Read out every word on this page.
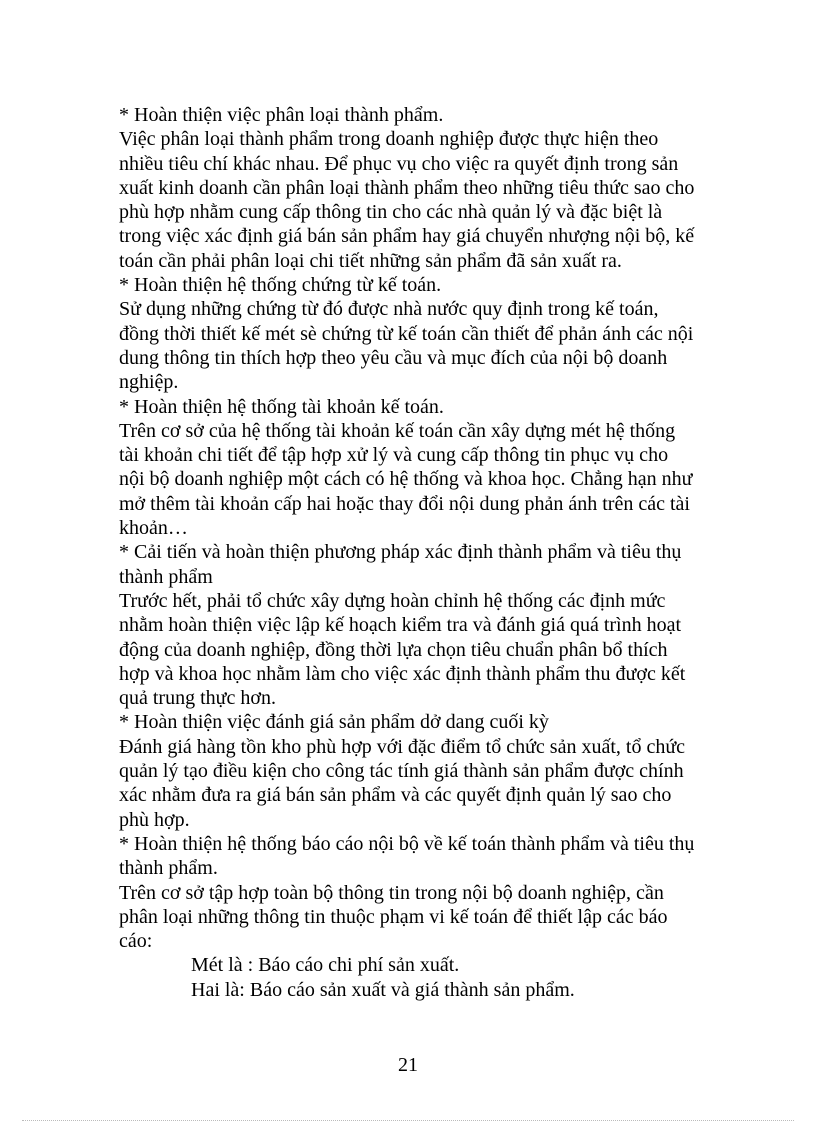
* Hoàn thiện việc phân loại thành phẩm.
Việc phân loại thành phẩm trong doanh nghiệp được thực hiện theo
nhiều tiêu chí khác nhau. Để phục vụ cho việc ra quyết định trong sản
xuất kinh doanh cần phân loại thành phẩm theo những tiêu thức sao cho
phù hợp nhằm cung cấp thông tin cho các nhà quản lý và đặc biệt là
trong việc xác định giá bán sản phẩm hay giá chuyển nhượng nội bộ, kế
toán cần phải phân loại chi tiết những sản phẩm đã sản xuất ra.
* Hoàn thiện hệ thống chứng từ kế toán.
Sử dụng những chứng từ đó được nhà nước quy định trong kế toán,
đồng thời thiết kế mét sè chứng từ kế toán cần thiết để phản ánh các nội
dung thông tin thích hợp theo yêu cầu và mục đích của nội bộ doanh
nghiệp.
* Hoàn thiện hệ thống tài khoản kế toán.
Trên cơ sở của hệ thống tài khoản kế toán cần xây dựng mét hệ thống
tài khoản chi tiết để tập hợp xử lý và cung cấp thông tin phục vụ cho
nội bộ doanh nghiệp một cách có hệ thống và khoa học. Chẳng hạn như
mở thêm tài khoản cấp hai hoặc thay đổi nội dung phản ánh trên các tài
khoản…
* Cải tiến và hoàn thiện phương pháp xác định thành phẩm và tiêu thụ
thành phẩm
Trước hết, phải tổ chức xây dựng hoàn chỉnh hệ thống các định mức
nhằm hoàn thiện việc lập kế hoạch kiểm tra và đánh giá quá trình hoạt
động của doanh nghiệp, đồng thời lựa chọn tiêu chuẩn phân bổ thích
hợp và khoa học nhằm làm cho việc xác định thành phẩm thu được kết
quả trung thực hơn.
* Hoàn thiện việc đánh giá sản phẩm dở dang cuối kỳ
Đánh giá hàng tồn kho phù hợp với đặc điểm tổ chức sản xuất, tổ chức
quản lý tạo điều kiện cho công tác tính giá thành sản phẩm được chính
xác nhằm đưa ra giá bán sản phẩm và các quyết định quản lý sao cho
phù hợp.
* Hoàn thiện hệ thống báo cáo nội bộ về kế toán thành phẩm và tiêu thụ
thành phẩm.
Trên cơ sở tập hợp toàn bộ thông tin trong nội bộ doanh nghiệp, cần
phân loại những thông tin thuộc phạm vi kế toán để thiết lập các báo
cáo:
Mét là : Báo cáo chi phí sản xuất.
Hai là: Báo cáo sản xuất và giá thành sản phẩm.
21
